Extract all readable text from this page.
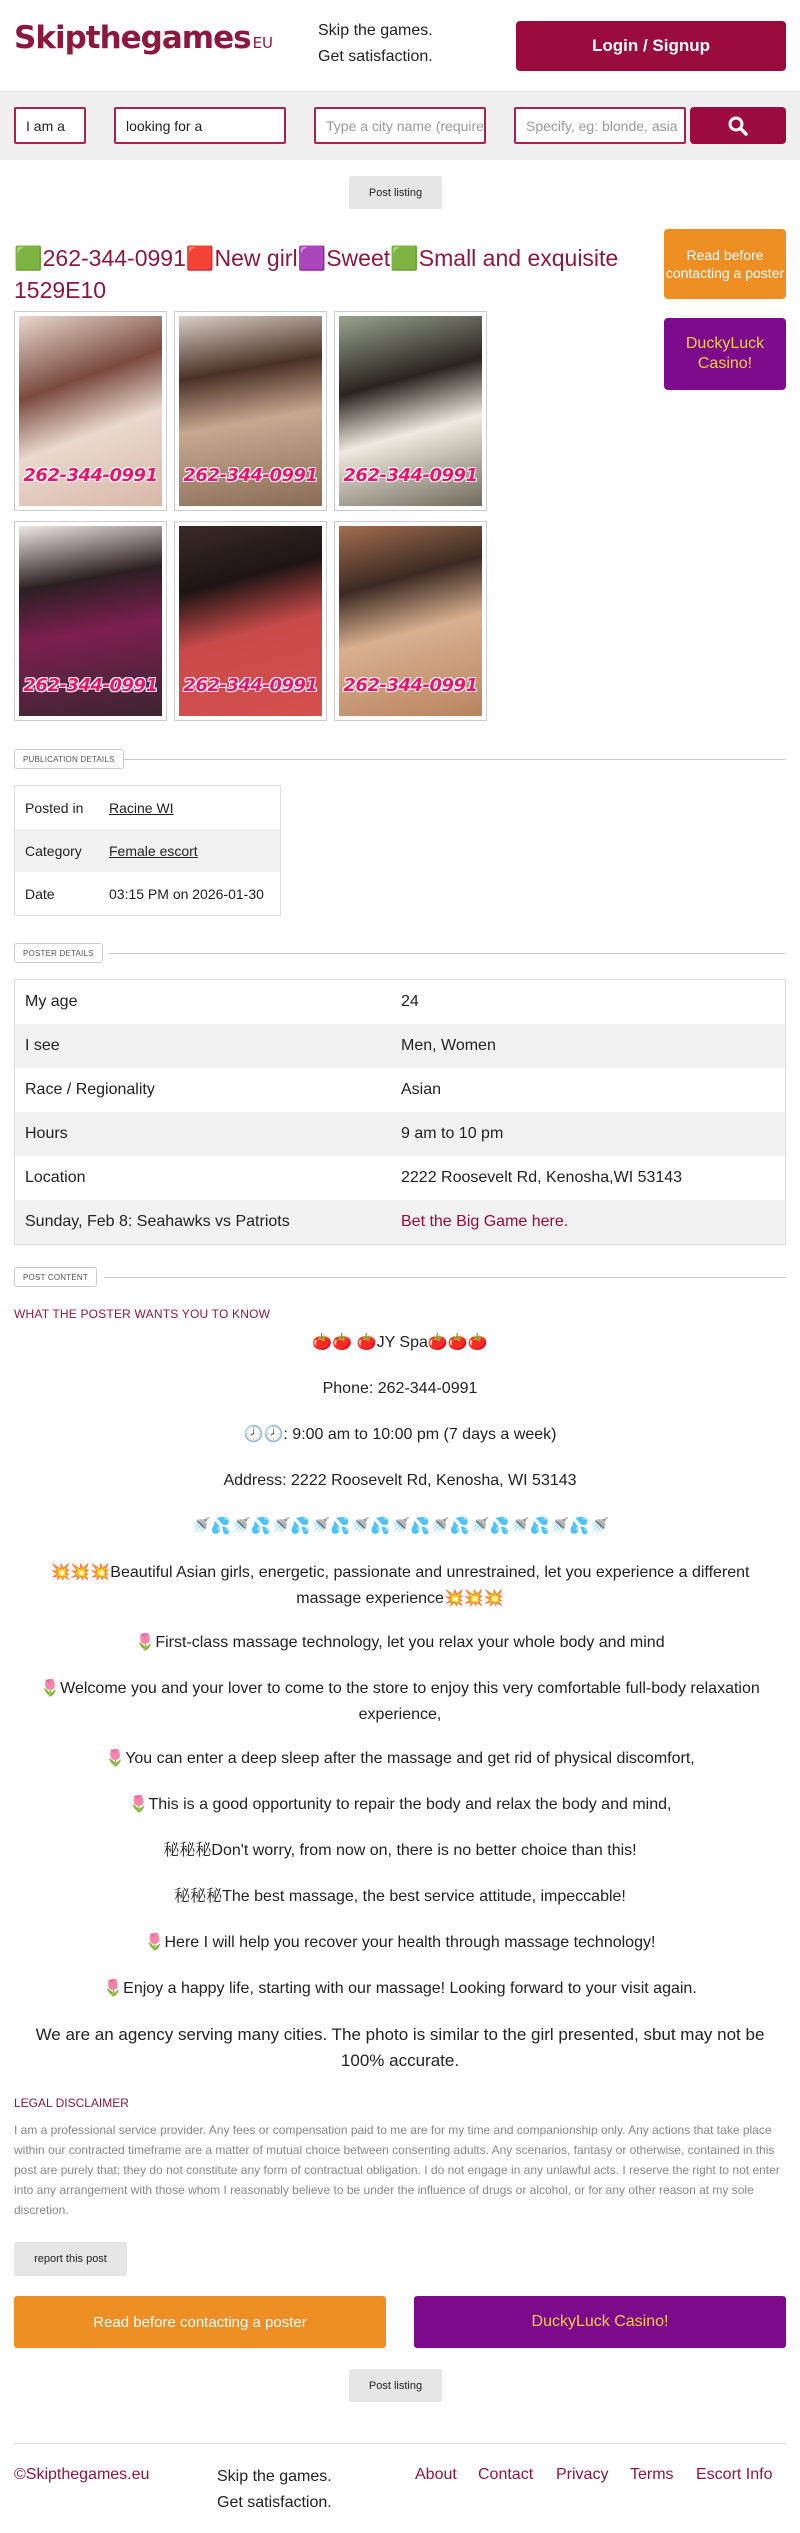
Skipthegames EU
Skip the games.
Get satisfaction.
Login / Signup
I am a	looking for a	Type a city name (require	Specify, eg: blonde, asia
Post listing
🟩262-344-0991🟥New girl🟪Sweet🟩Small and exquisite 1529E10
Read before contacting a poster
DuckyLuck Casino!
262-344-0991 262-344-0991 262-344-0991
262-344-0991 262-344-0991 262-344-0991
PUBLICATION DETAILS
Posted in	Racine WI
Category	Female escort
Date	03:15 PM on 2026-01-30
POSTER DETAILS
My age	24
I see	Men, Women
Race / Regionality	Asian
Hours	9 am to 10 pm
Location	2222 Roosevelt Rd, Kenosha,WI 53143
Sunday, Feb 8: Seahawks vs Patriots	Bet the Big Game here.
POST CONTENT
WHAT THE POSTER WANTS YOU TO KNOW
🍅🍅 🍅JY Spa🍅🍅🍅
Phone: 262-344-0991
🕗🕗: 9:00 am to 10:00 pm (7 days a week)
Address: 2222 Roosevelt Rd, Kenosha, WI 53143
🚿💦🚿💦🚿💦🚿💦🚿💦🚿💦🚿💦🚿💦🚿💦🚿💦🚿
💥💥💥Beautiful Asian girls, energetic, passionate and unrestrained, let you experience a different massage experience💥💥💥
🌷First-class massage technology, let you relax your whole body and mind
🌷Welcome you and your lover to come to the store to enjoy this very comfortable full-body relaxation experience,
🌷You can enter a deep sleep after the massage and get rid of physical discomfort,
🌷This is a good opportunity to repair the body and relax the body and mind,
秘秘秘Don't worry, from now on, there is no better choice than this!
秘秘秘The best massage, the best service attitude, impeccable!
🌷Here I will help you recover your health through massage technology!
🌷Enjoy a happy life, starting with our massage! Looking forward to your visit again.
We are an agency serving many cities. The photo is similar to the girl presented, sbut may not be 100% accurate.
LEGAL DISCLAIMER
I am a professional service provider. Any fees or compensation paid to me are for my time and companionship only. Any actions that take place within our contracted timeframe are a matter of mutual choice between consenting adults. Any scenarios, fantasy or otherwise, contained in this post are purely that; they do not constitute any form of contractual obligation. I do not engage in any unlawful acts. I reserve the right to not enter into any arrangement with those whom I reasonably believe to be under the influence of drugs or alcohol, or for any other reason at my sole discretion.
report this post
Read before contacting a poster	DuckyLuck Casino!
Post listing
©Skipthegames.eu	Skip the games.
Get satisfaction.
About Contact Privacy Terms Escort Info
